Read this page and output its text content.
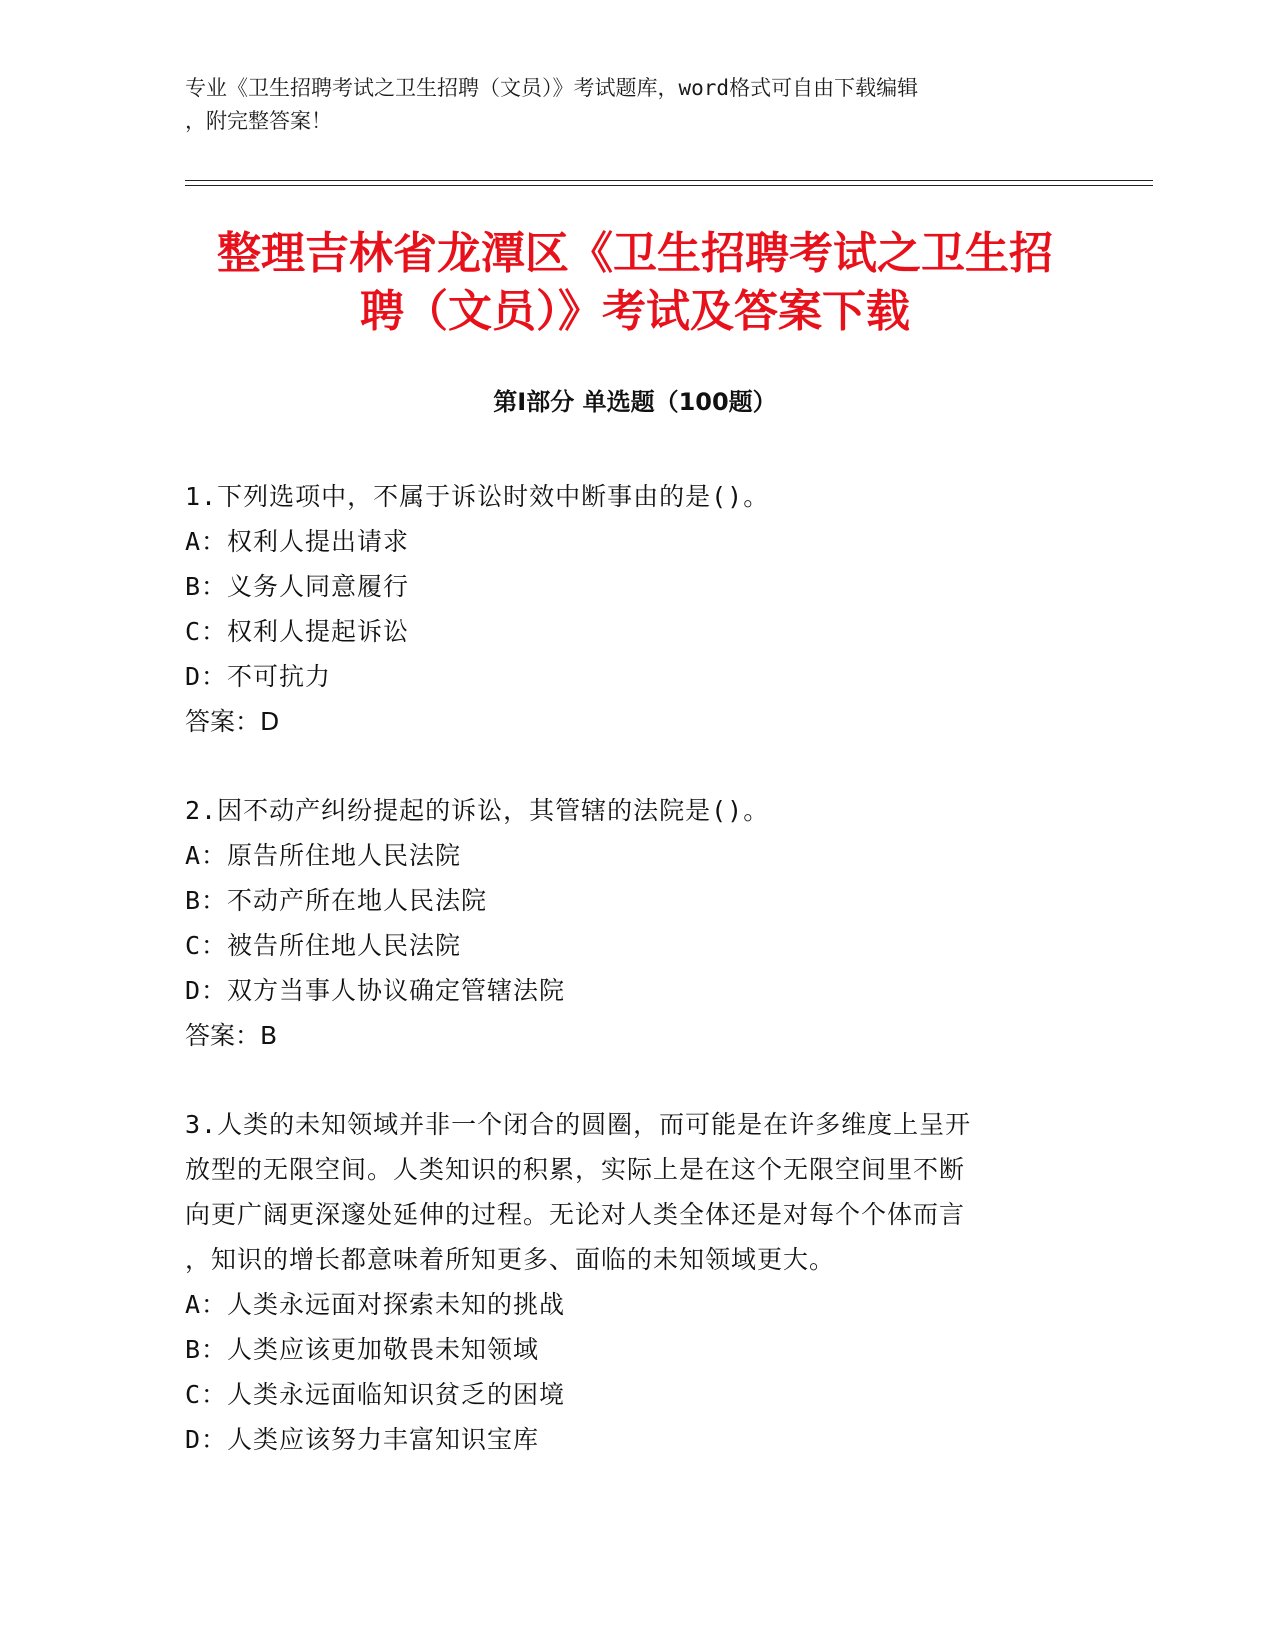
专业《卫生招聘考试之卫生招聘（文员）》考试题库，word格式可自由下载编辑
，附完整答案！
整理吉林省龙潭区《卫生招聘考试之卫生招
聘（文员）》考试及答案下载
第Ⅰ部分 单选题（100题）
1.下列选项中，不属于诉讼时效中断事由的是()。
A：权利人提出请求
B：义务人同意履行
C：权利人提起诉讼
D：不可抗力
答案：D
2.因不动产纠纷提起的诉讼，其管辖的法院是()。
A：原告所住地人民法院
B：不动产所在地人民法院
C：被告所住地人民法院
D：双方当事人协议确定管辖法院
答案：B
3.人类的未知领域并非一个闭合的圆圈，而可能是在许多维度上呈开
放型的无限空间。人类知识的积累，实际上是在这个无限空间里不断
向更广阔更深邃处延伸的过程。无论对人类全体还是对每个个体而言
，知识的增长都意味着所知更多、面临的未知领域更大。
A：人类永远面对探索未知的挑战
B：人类应该更加敬畏未知领域
C：人类永远面临知识贫乏的困境
D：人类应该努力丰富知识宝库
